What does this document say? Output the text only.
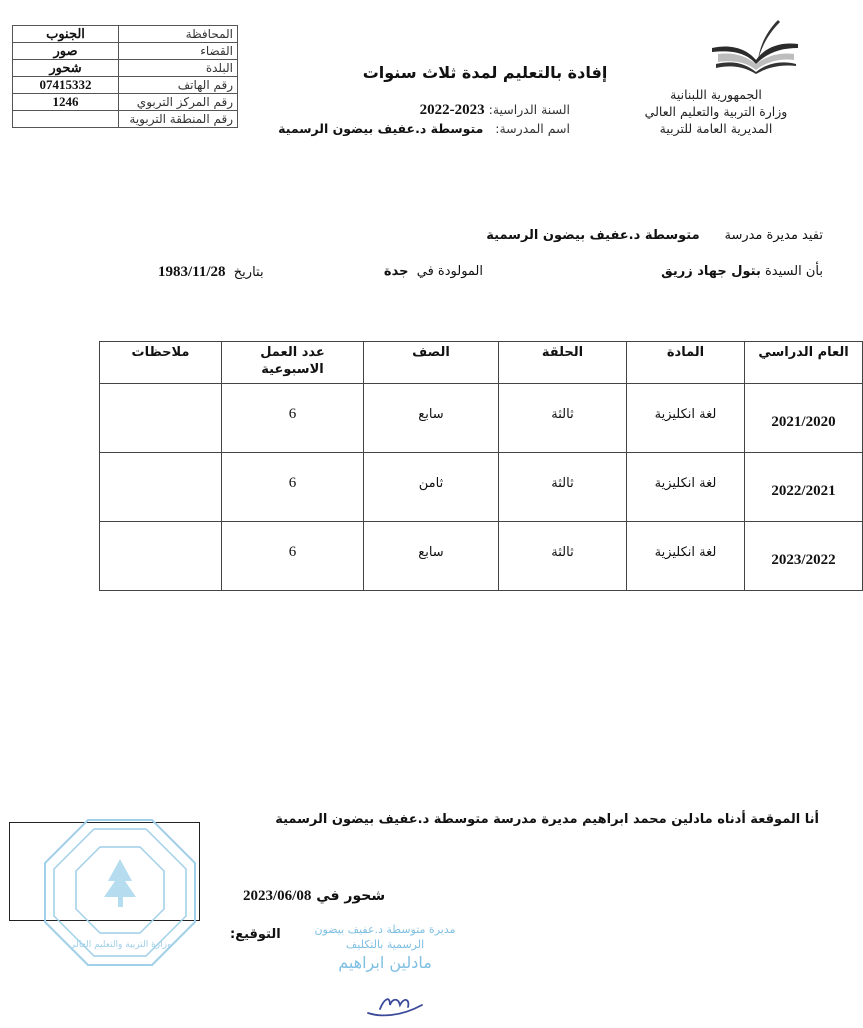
المحافظة	الجنوب
القضاء	صور
البلدة	شحور
رقم الهاتف	07415332
رقم المركز التربوي	1246
رقم المنطقة التربوية	
الجمهورية اللبنانية
وزارة التربية والتعليم العالي
المديرية العامة للتربية
إفادة بالتعليم لمدة ثلاث سنوات
السنة الدراسية: 2023-2022
اسم المدرسة:   متوسطة د.عفيف بيضون الرسمية
تفيد مديرة مدرسة      متوسطة د.عفيف بيضون الرسمية
بأن السيدة بتول جهاد زريق
المولودة في  جدة
بتاريخ  1983/11/28
العام الدراسي	المادة	الحلقة	الصف	عدد العمل الاسبوعية	ملاحظات
2021/2020	لغة انكليزية	ثالثة	سابع	6	
2022/2021	لغة انكليزية	ثالثة	ثامن	6	
2023/2022	لغة انكليزية	ثالثة	سابع	6	
أنا الموقعة أدناه مادلين محمد ابراهيم مديرة مدرسة متوسطة د.عفيف بيضون الرسمية
وزارة التربية والتعليم العالي
شحور في 2023/06/08
التوقيع:	مديرة متوسطة د.عفيف بيضون
الرسمية بالتكليف
مادلين ابراهيم
